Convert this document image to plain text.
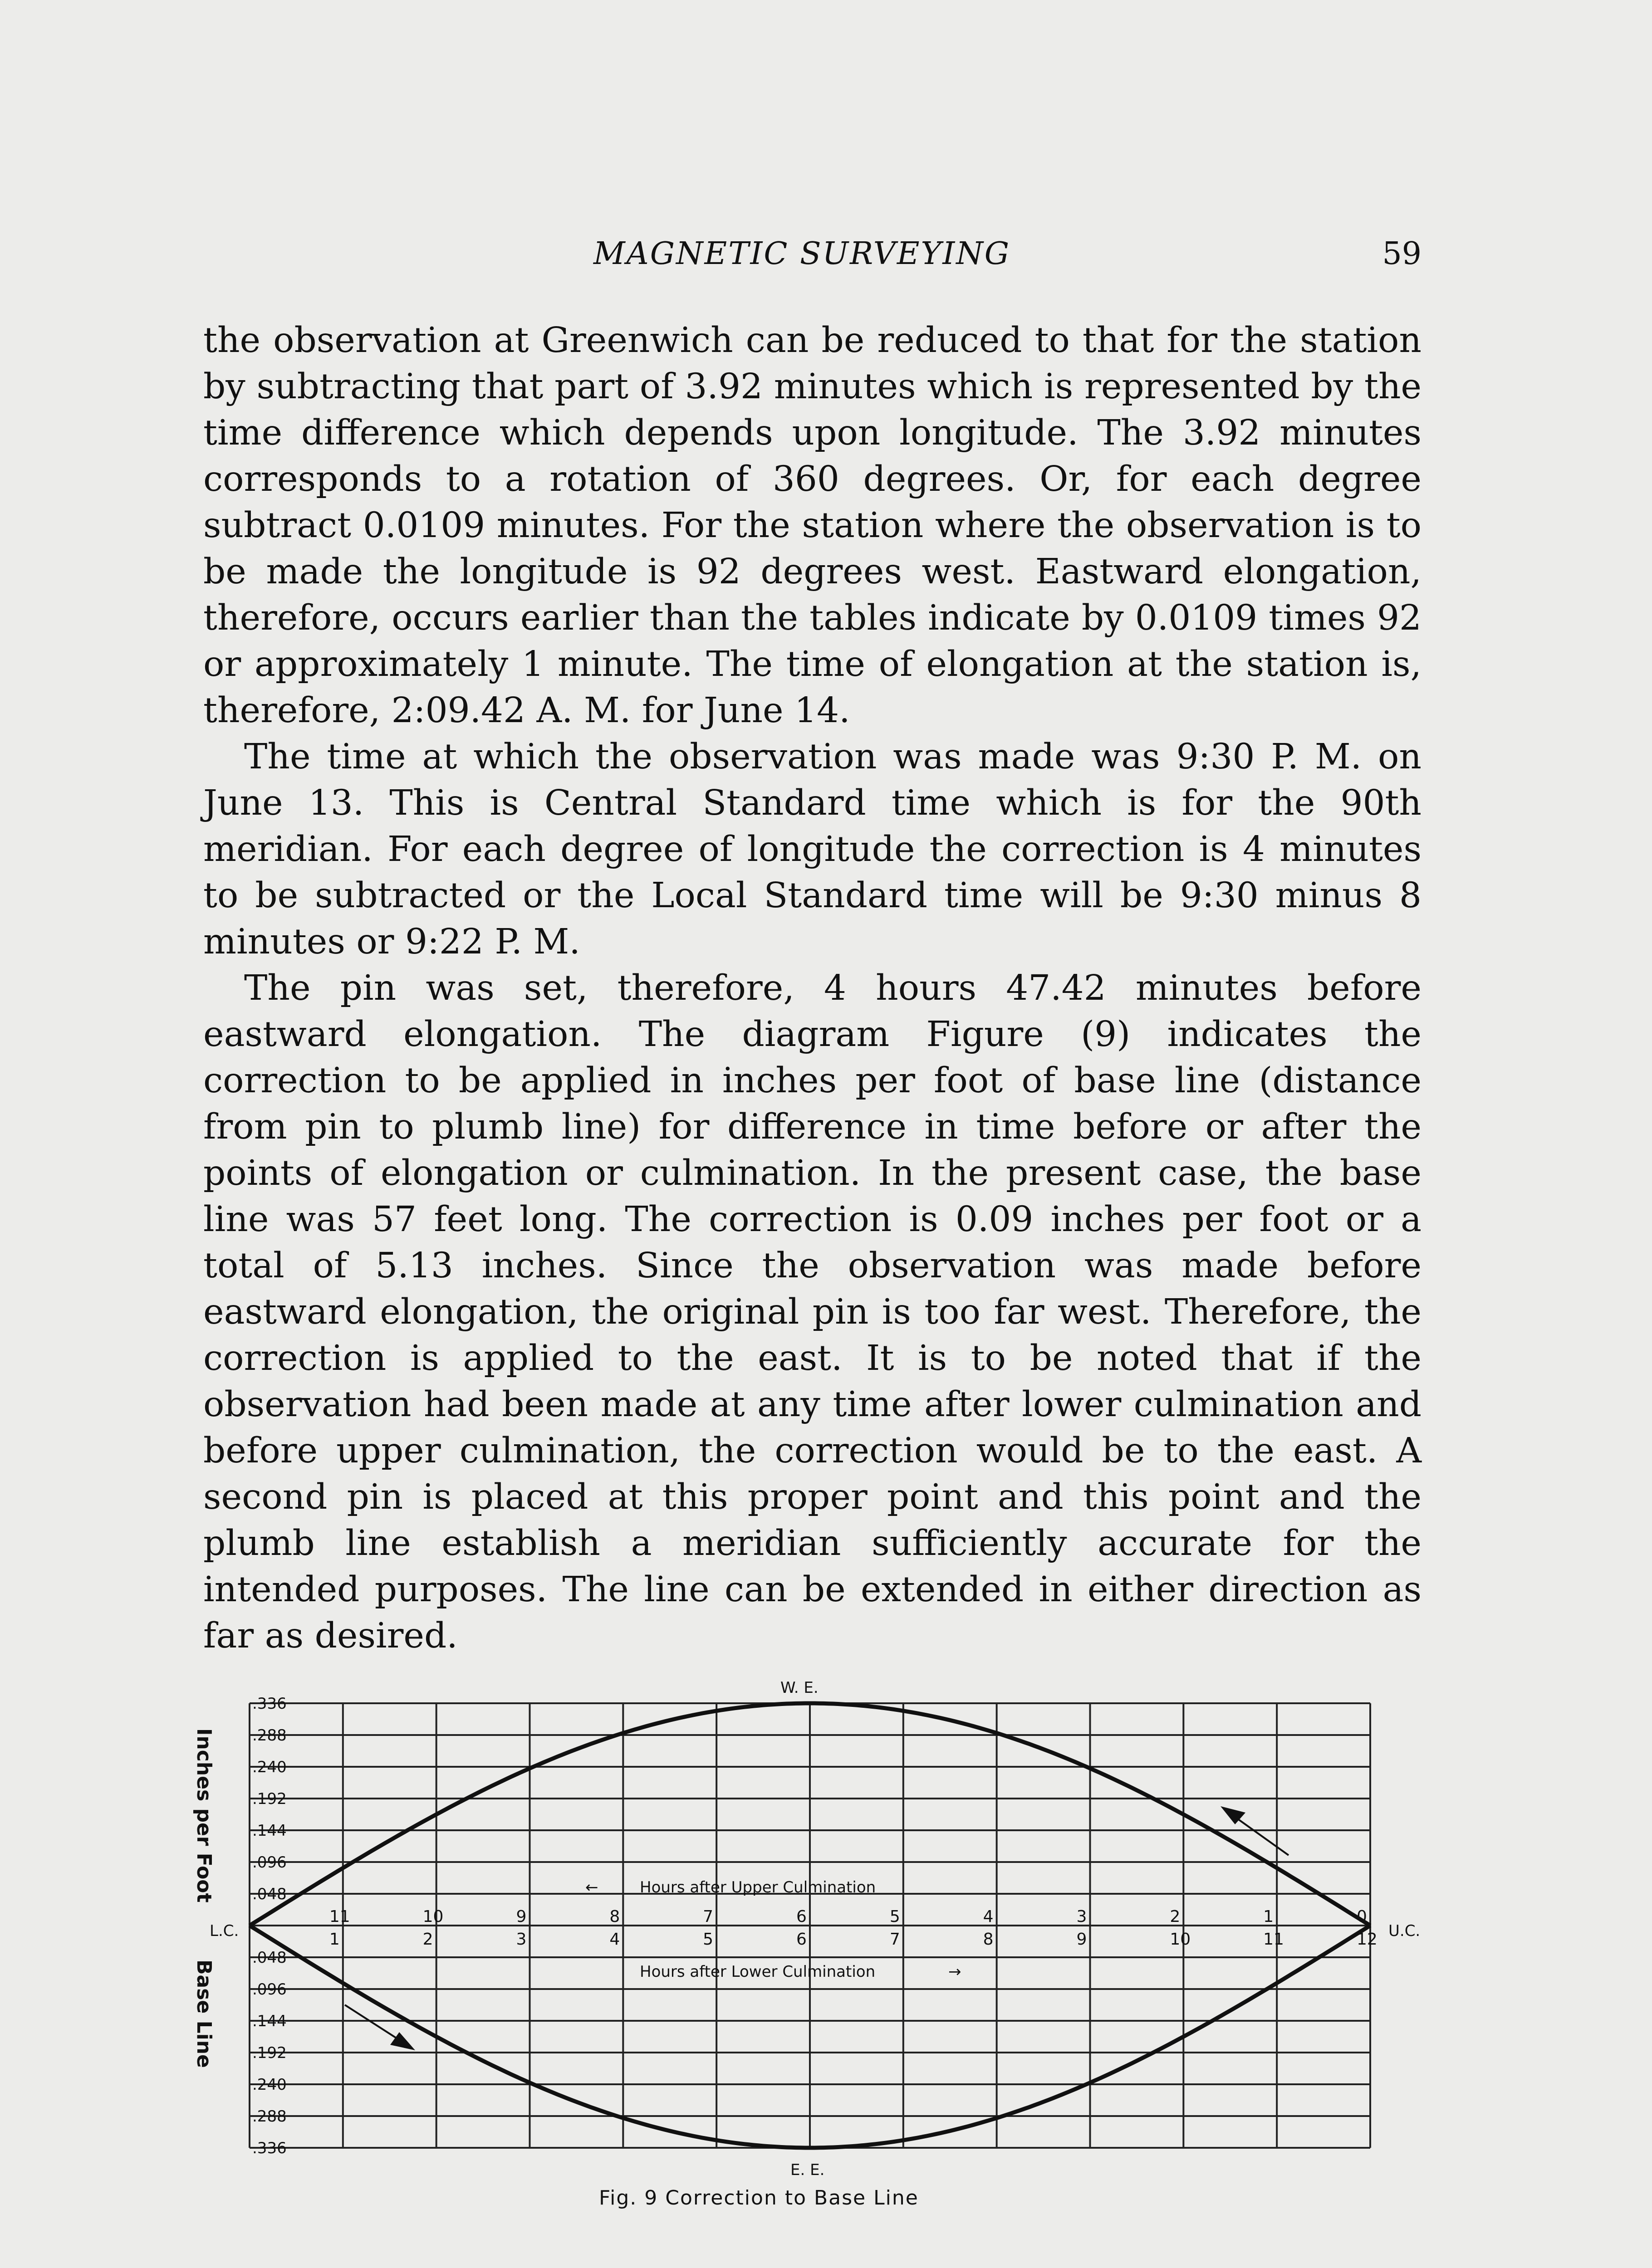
MAGNETIC SURVEYING	59

the observation at Greenwich can be reduced to that for the station by subtracting that part of 3.92 minutes which is represented by the time difference which depends upon longitude. The 3.92 minutes corresponds to a rotation of 360 degrees. Or, for each degree subtract 0.0109 minutes. For the station where the observation is to be made the longitude is 92 degrees west. Eastward elongation, therefore, occurs earlier than the tables indicate by 0.0109 times 92 or approximately 1 minute. The time of elongation at the station is, therefore, 2:09.42 A. M. for June 14.

The time at which the observation was made was 9:30 P. M. on June 13. This is Central Standard time which is for the 90th meridian. For each degree of longitude the correction is 4 minutes to be subtracted or the Local Standard time will be 9:30 minus 8 minutes or 9:22 P. M.

The pin was set, therefore, 4 hours 47.42 minutes before eastward elongation. The diagram Figure (9) indicates the correction to be applied in inches per foot of base line (distance from pin to plumb line) for difference in time before or after the points of elongation or culmination. In the present case, the base line was 57 feet long. The correction is 0.09 inches per foot or a total of 5.13 inches. Since the observation was made before eastward elongation, the original pin is too far west. Therefore, the correction is applied to the east. It is to be noted that if the observation had been made at any time after lower culmination and before upper culmination, the correction would be to the east. A second pin is placed at this proper point and this point and the plumb line establish a meridian sufficiently accurate for the intended purposes. The line can be extended in either direction as far as desired.

.336
.288
.240
.192
.144
.096
.048
.048
.096
.144
.192
.240
.288
.336
11	10	9	8	7	6	5	4	3	2	1	0
1	2	3	4	5	6	7	8	9	10	11	12
Inches per Foot
Base Line
L.C.	U.C.
W. E.
E. E.
←	Hours after Upper Culmination
Hours after Lower Culmination	→
Fig. 9 Correction to Base Line
